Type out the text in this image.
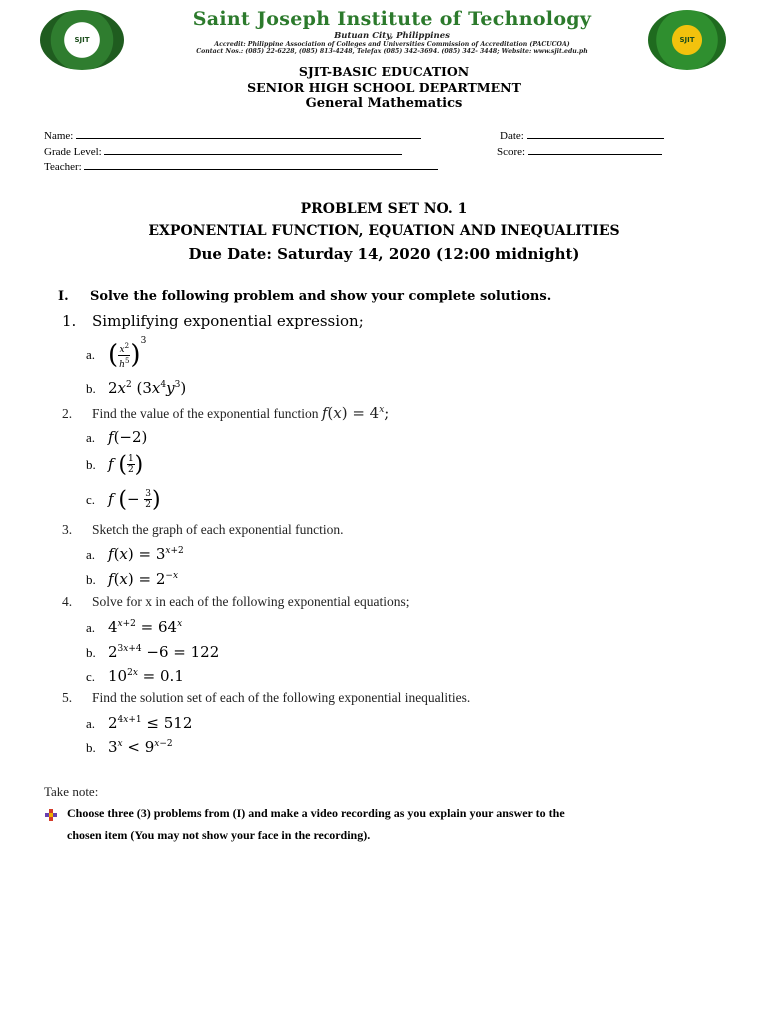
SJIT	SJIT
Saint Joseph Institute of Technology
Butuan City, Philippines
Accredit: Philippine Association of Colleges and Universities Commission of Accreditation (PACUCOA)
Contact Nos.: (085) 22-6228, (085) 813-4248, Telefax (085) 342-3694. (085) 342- 3448; Website: www.sjit.edu.ph
SJIT-BASIC EDUCATION
SENIOR HIGH SCHOOL DEPARTMENT
General Mathematics
Name:	Date:
Grade Level:	Score:
Teacher:
PROBLEM SET NO. 1
EXPONENTIAL FUNCTION, EQUATION AND INEQUALITIES
Due Date: Saturday 14, 2020 (12:00 midnight)
I. Solve the following problem and show your complete solutions.
1. Simplifying exponential expression;
a. ( $\frac{x^2}{h^5} )^3$
b. $2x^2$ $(3x^4y^3)$
2. Find the value of the exponential function $f(x) = 4^x$;
a. f(−2)
b. f ( $\frac{1}{2}$ )
c. f (− $\frac{3}{2}$ )
3. Sketch the graph of each exponential function.
a. $f(x) = 3^{x+2}$
b. $f(x) = 2^{-x}$
4. Solve for x in each of the following exponential equations;
a. $4^{x+2} = 64^x$
b. $2^{3x+4} -6 = 122$
c. $10^{2x} = 0.1$
5. Find the solution set of each of the following exponential inequalities.
a. $2^{4x+1} \le 512$
b. $3^x < 9^{x-2}$
Take note:
Choose three (3) problems from (I) and make a video recording as you explain your answer to the
chosen item (You may not show your face in the recording).
